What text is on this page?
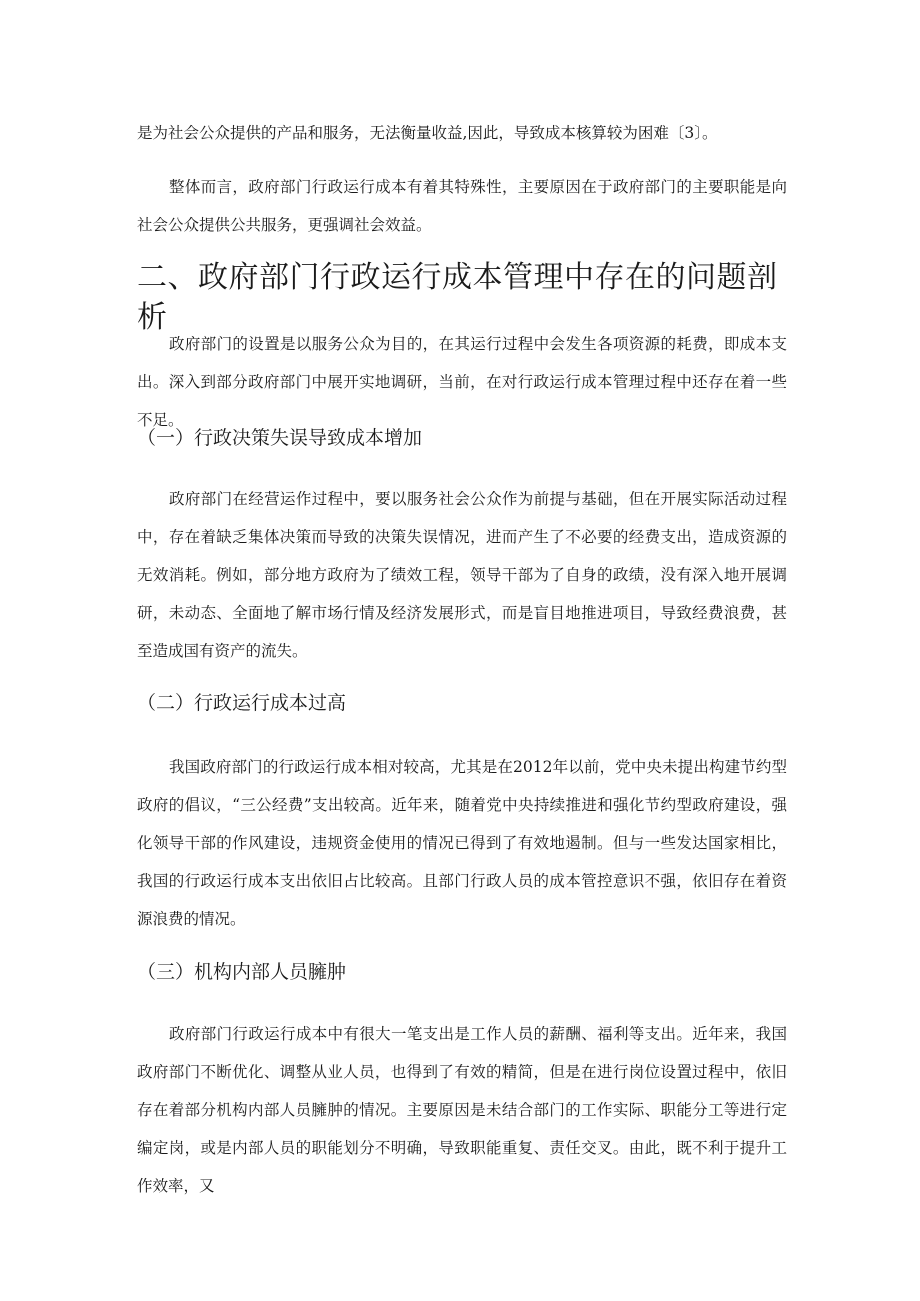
是为社会公众提供的产品和服务，无法衡量收益,因此，导致成本核算较为困难〔3〕。

整体而言，政府部门行政运行成本有着其特殊性，主要原因在于政府部门的主要职能是向社会公众提供公共服务，更强调社会效益。

二、政府部门行政运行成本管理中存在的问题剖析

政府部门的设置是以服务公众为目的，在其运行过程中会发生各项资源的耗费，即成本支出。深入到部分政府部门中展开实地调研，当前，在对行政运行成本管理过程中还存在着一些不足。

（一）行政决策失误导致成本增加

政府部门在经营运作过程中，要以服务社会公众作为前提与基础，但在开展实际活动过程中，存在着缺乏集体决策而导致的决策失误情况，进而产生了不必要的经费支出，造成资源的无效消耗。例如，部分地方政府为了绩效工程，领导干部为了自身的政绩，没有深入地开展调研，未动态、全面地了解市场行情及经济发展形式，而是盲目地推进项目，导致经费浪费，甚至造成国有资产的流失。

（二）行政运行成本过高

我国政府部门的行政运行成本相对较高，尤其是在2012年以前，党中央未提出构建节约型政府的倡议，“三公经费”支出较高。近年来，随着党中央持续推进和强化节约型政府建设，强化领导干部的作风建设，违规资金使用的情况已得到了有效地遏制。但与一些发达国家相比，我国的行政运行成本支出依旧占比较高。且部门行政人员的成本管控意识不强，依旧存在着资源浪费的情况。

（三）机构内部人员臃肿

政府部门行政运行成本中有很大一笔支出是工作人员的薪酬、福利等支出。近年来，我国政府部门不断优化、调整从业人员，也得到了有效的精简，但是在进行岗位设置过程中，依旧存在着部分机构内部人员臃肿的情况。主要原因是未结合部门的工作实际、职能分工等进行定编定岗，或是内部人员的职能划分不明确，导致职能重复、责任交叉。由此，既不利于提升工作效率，又
